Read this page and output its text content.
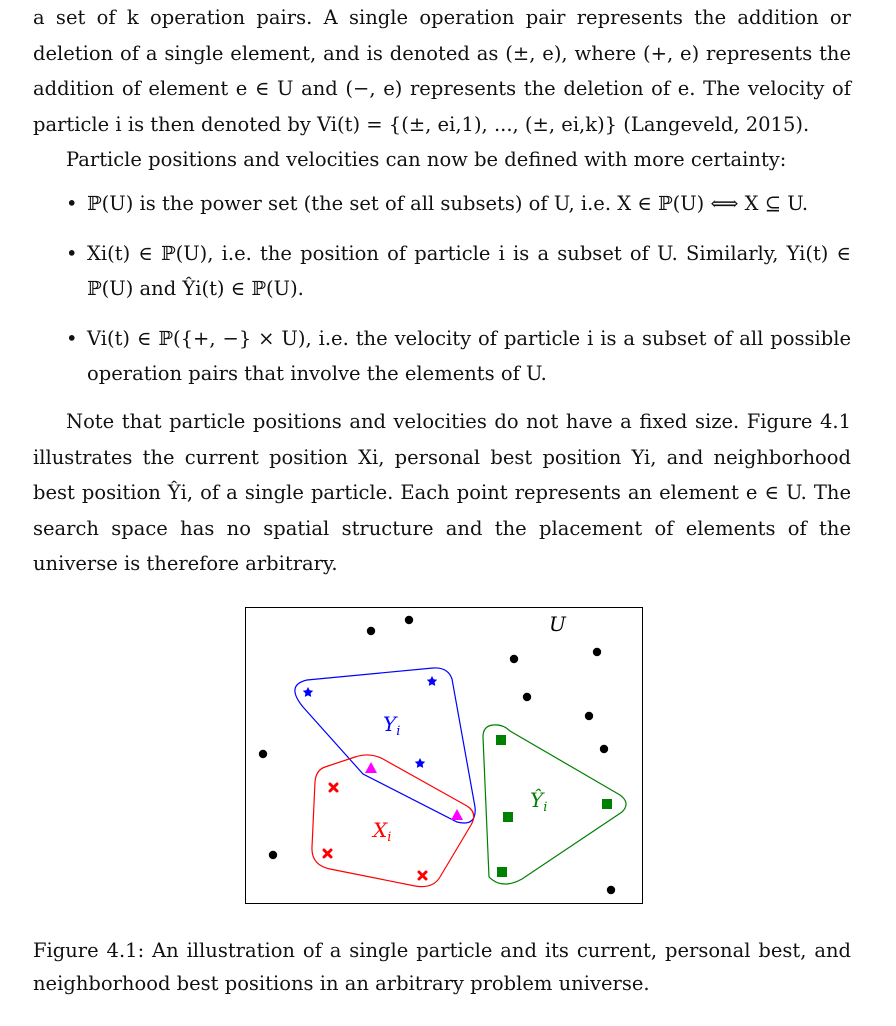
a set of k operation pairs. A single operation pair represents the addition or deletion of a single element, and is denoted as (±, e), where (+, e) represents the addition of element e ∈ U and (−, e) represents the deletion of e. The velocity of particle i is then denoted by Vi(t) = {(±, ei,1), ..., (±, ei,k)} (Langeveld, 2015).

Particle positions and velocities can now be defined with more certainty:

• ℙ(U) is the power set (the set of all subsets) of U, i.e. X ∈ ℙ(U) ⟺ X ⊆ U.
• Xi(t) ∈ ℙ(U), i.e. the position of particle i is a subset of U. Similarly, Yi(t) ∈ ℙ(U) and Ŷi(t) ∈ ℙ(U).
• Vi(t) ∈ ℙ({+, −} × U), i.e. the velocity of particle i is a subset of all possible operation pairs that involve the elements of U.

Note that particle positions and velocities do not have a fixed size. Figure 4.1 illustrates the current position Xi, personal best position Yi, and neighborhood best position Ŷi, of a single particle. Each point represents an element e ∈ U. The search space has no spatial structure and the placement of elements of the universe is therefore arbitrary.

U
$Y_i$
$X_i$
$Ŷ_i$
Figure 4.1: An illustration of a single particle and its current, personal best, and neighborhood best positions in an arbitrary problem universe.
